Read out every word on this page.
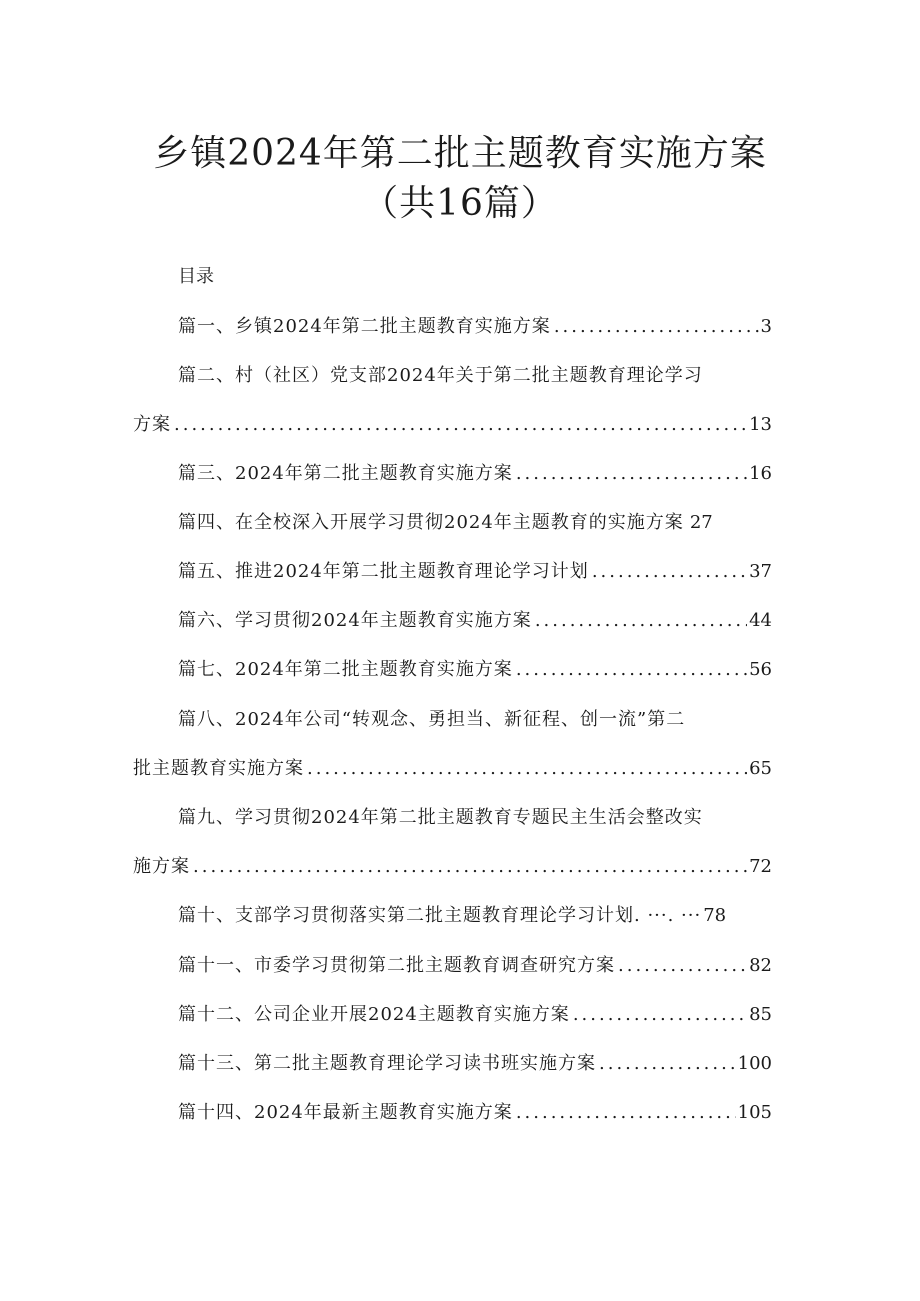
乡镇2024年第二批主题教育实施方案
（共16篇）
目录
篇一、乡镇2024年第二批主题教育实施方案 .....	3
篇二、村（社区）党支部2024年关于第二批主题教育理论学习
方案 .....	13
篇三、2024年第二批主题教育实施方案 .....	16
篇四、在全校深入开展学习贯彻2024年主题教育的实施方案 27
篇五、推进2024年第二批主题教育理论学习计划 .....	37
篇六、学习贯彻2024年主题教育实施方案 .....	44
篇七、2024年第二批主题教育实施方案 .....	56
篇八、2024年公司“转观念、勇担当、新征程、创一流”第二
批主题教育实施方案 .....	65
篇九、学习贯彻2024年第二批主题教育专题民主生活会整改实
施方案 .....	72
篇十、支部学习贯彻落实第二批主题教育理论学习计划 . ···. ··· 78
篇十一、市委学习贯彻第二批主题教育调查研究方案 .....	82
篇十二、公司企业开展2024主题教育实施方案 .....	85
篇十三、第二批主题教育理论学习读书班实施方案 .....	100
篇十四、2024年最新主题教育实施方案 .....	105
